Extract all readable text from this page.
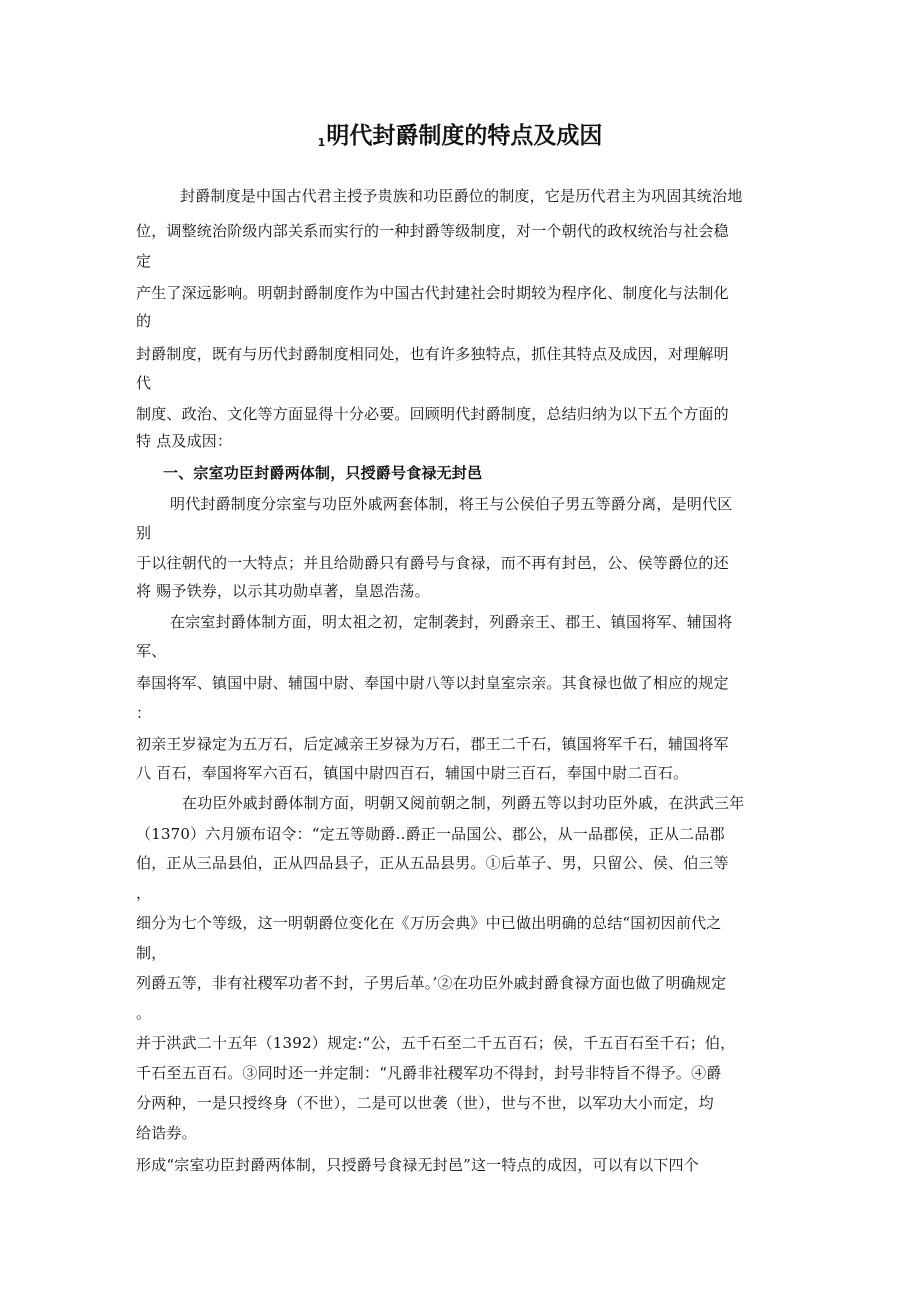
$^1$明代封爵制度的特点及成因
封爵制度是中国古代君主授予贵族和功臣爵位的制度，它是历代君主为巩固其统治地
位，调整统治阶级内部关系而实行的一种封爵等级制度，对一个朝代的政权统治与社会稳
定
产生了深远影响。明朝封爵制度作为中国古代封建社会时期较为程序化、制度化与法制化
的
封爵制度，既有与历代封爵制度相同处，也有许多独特点，抓住其特点及成因，对理解明
代
制度、政治、文化等方面显得十分必要。回顾明代封爵制度，总结归纳为以下五个方面的
特 点及成因：
一、宗室功臣封爵两体制，只授爵号食禄无封邑
明代封爵制度分宗室与功臣外戚两套体制，将王与公侯伯子男五等爵分离，是明代区
别
于以往朝代的一大特点；并且给勋爵只有爵号与食禄，而不再有封邑，公、侯等爵位的还
将 赐予铁券，以示其功勋卓著，皇恩浩荡。
在宗室封爵体制方面，明太祖之初，定制袭封，列爵亲王、郡王、镇国将军、辅国将
军、
奉国将军、镇国中尉、辅国中尉、奉国中尉八等以封皇室宗亲。其食禄也做了相应的规定
：
初亲王岁禄定为五万石，后定减亲王岁禄为万石，郡王二千石，镇国将军千石，辅国将军
八 百石，奉国将军六百石，镇国中尉四百石，辅国中尉三百石，奉国中尉二百石。
在功臣外戚封爵体制方面，明朝又阅前朝之制，列爵五等以封功臣外戚，在洪武三年
（1370）六月颁布诏令：“定五等勋爵..爵正一品国公、郡公，从一品郡侯，正从二品郡
伯，正从三品县伯，正从四品县子，正从五品县男。①后革子、男，只留公、侯、伯三等
，
细分为七个等级，这一明朝爵位变化在《万历会典》中已做出明确的总结“国初因前代之
制，
列爵五等，非有社稷军功者不封，子男后革。’②在功臣外戚封爵食禄方面也做了明确规定
。
并于洪武二十五年（1392）规定:“公，五千石至二千五百石；侯，千五百石至千石；伯，
千石至五百石。③同时还一并定制：“凡爵非社稷军功不得封，封号非特旨不得予。④爵
分两种，一是只授终身（不世），二是可以世袭（世），世与不世，以军功大小而定，均
给诰券。
形成“宗室功臣封爵两体制，只授爵号食禄无封邑”这一特点的成因，可以有以下四个
